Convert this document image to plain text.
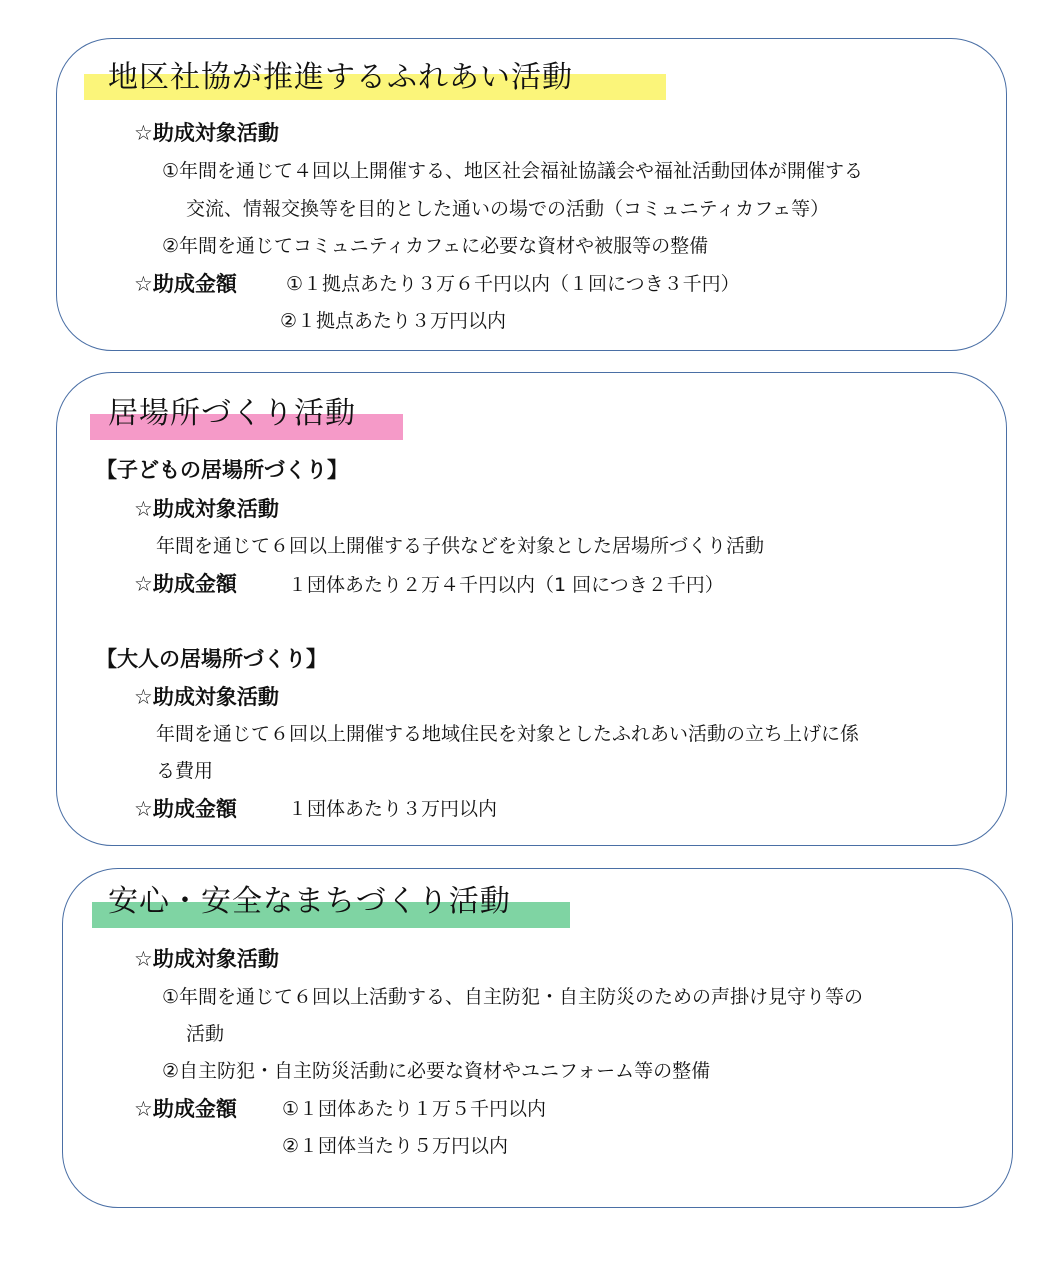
地区社協が推進するふれあい活動
☆助成対象活動
①年間を通じて４回以上開催する、地区社会福祉協議会や福祉活動団体が開催する
交流、情報交換等を目的とした通いの場での活動（コミュニティカフェ等）
②年間を通じてコミュニティカフェに必要な資材や被服等の整備
☆助成金額	①１拠点あたり３万６千円以内（１回につき３千円）
②１拠点あたり３万円以内
居場所づくり活動
【子どもの居場所づくり】
☆助成対象活動
年間を通じて６回以上開催する子供などを対象とした居場所づくり活動
☆助成金額	１団体あたり２万４千円以内（1 回につき２千円）
【大人の居場所づくり】
☆助成対象活動
年間を通じて６回以上開催する地域住民を対象としたふれあい活動の立ち上げに係
る費用
☆助成金額	１団体あたり３万円以内
安心・安全なまちづくり活動
☆助成対象活動
①年間を通じて６回以上活動する、自主防犯・自主防災のための声掛け見守り等の
活動
②自主防犯・自主防災活動に必要な資材やユニフォーム等の整備
☆助成金額 ①１団体あたり１万５千円以内
②１団体当たり５万円以内
